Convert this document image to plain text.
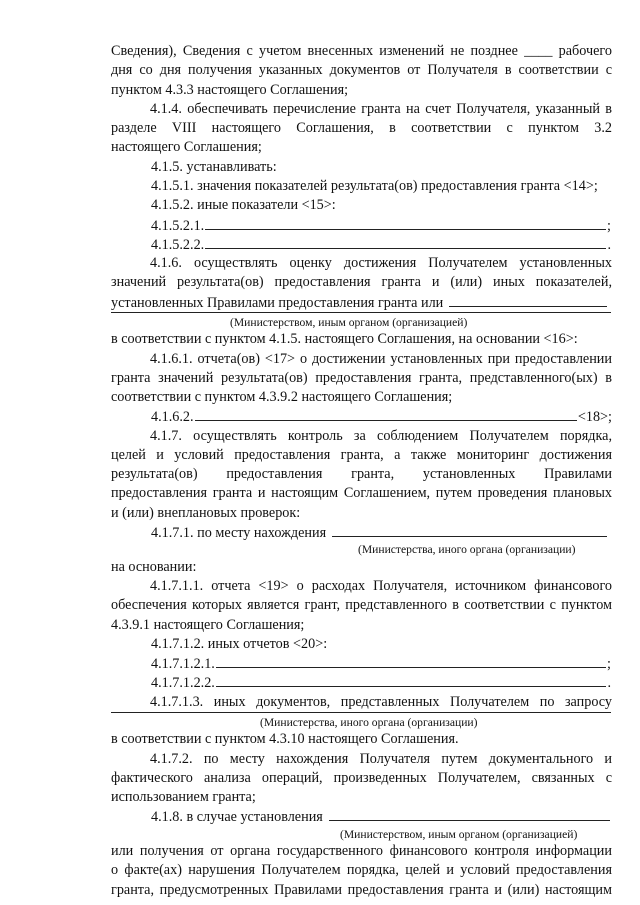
Сведения), Сведения с учетом внесенных изменений не позднее ____ рабочего
дня со дня получения указанных документов от Получателя в соответствии с
пунктом 4.3.3 настоящего Соглашения;
4.1.4. обеспечивать перечисление гранта на счет Получателя, указанный в
разделе VIII настоящего Соглашения, в соответствии с пунктом 3.2
настоящего Соглашения;
4.1.5. устанавливать:
4.1.5.1. значения показателей результата(ов) предоставления гранта <14>;
4.1.5.2. иные показатели <15>:
4.1.5.2.1.	;
4.1.5.2.2.	.
4.1.6. осуществлять оценку достижения Получателем установленных
значений результата(ов) предоставления гранта и (или) иных показателей,
установленных Правилами предоставления гранта или
(Министерством, иным органом (организацией)
в соответствии с пунктом 4.1.5. настоящего Соглашения, на основании <16>:
4.1.6.1. отчета(ов) <17> о достижении установленных при предоставлении
гранта значений результата(ов) предоставления гранта, представленного(ых) в
соответствии с пунктом 4.3.9.2 настоящего Соглашения;
4.1.6.2.	<18>;
4.1.7. осуществлять контроль за соблюдением Получателем порядка,
целей и условий предоставления гранта, а также мониторинг достижения
результата(ов) предоставления гранта, установленных Правилами
предоставления гранта и настоящим Соглашением, путем проведения плановых
и (или) внеплановых проверок:
4.1.7.1. по месту нахождения
(Министерства, иного органа (организации)
на основании:
4.1.7.1.1. отчета <19> о расходах Получателя, источником финансового
обеспечения которых является грант, представленного в соответствии с пунктом
4.3.9.1 настоящего Соглашения;
4.1.7.1.2. иных отчетов <20>:
4.1.7.1.2.1.	;
4.1.7.1.2.2.	.
4.1.7.1.3. иных документов, представленных Получателем по запросу
(Министерства, иного органа (организации)
в соответствии с пунктом 4.3.10 настоящего Соглашения.
4.1.7.2. по месту нахождения Получателя путем документального и
фактического анализа операций, произведенных Получателем, связанных с
использованием гранта;
4.1.8. в случае установления
(Министерством, иным органом (организацией)
или получения от органа государственного финансового контроля информации
о факте(ах) нарушения Получателем порядка, целей и условий предоставления
гранта, предусмотренных Правилами предоставления гранта и (или) настоящим
